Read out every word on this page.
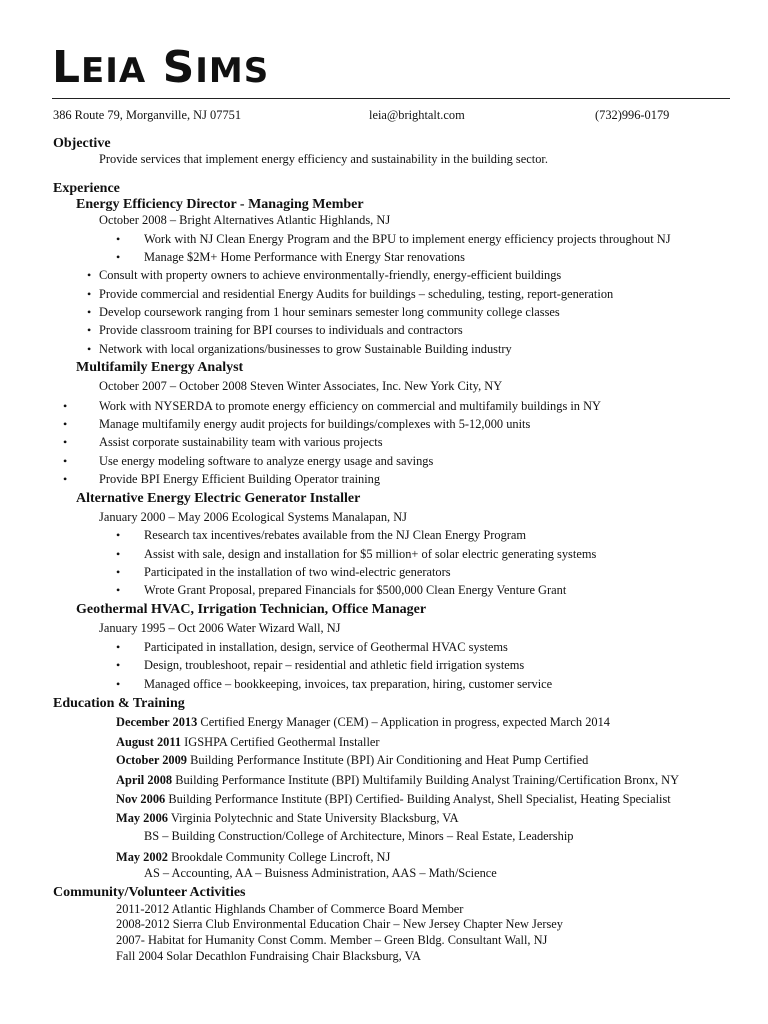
LEIA SIMS
386 Route 79, Morganville, NJ 07751	leia@brightalt.com	(732)996-0179
Objective
Provide services that implement energy efficiency and sustainability in the building sector.
Experience
Energy Efficiency Director - Managing Member
October 2008 – Bright Alternatives Atlantic Highlands, NJ
• Work with NJ Clean Energy Program and the BPU to implement energy efficiency projects throughout NJ
• Manage $2M+ Home Performance with Energy Star renovations
• Consult with property owners to achieve environmentally-friendly, energy-efficient buildings
• Provide commercial and residential Energy Audits for buildings – scheduling, testing, report-generation
• Develop coursework ranging from 1 hour seminars semester long community college classes
• Provide classroom training for BPI courses to individuals and contractors
• Network with local organizations/businesses to grow Sustainable Building industry
Multifamily Energy Analyst
October 2007 – October 2008 Steven Winter Associates, Inc. New York City, NY
•	Work with NYSERDA to promote energy efficiency on commercial and multifamily buildings in NY
•	Manage multifamily energy audit projects for buildings/complexes with 5-12,000 units
•	Assist corporate sustainability team with various projects
•	Use energy modeling software to analyze energy usage and savings
•	Provide BPI Energy Efficient Building Operator training
Alternative Energy Electric Generator Installer
January 2000 – May 2006 Ecological Systems Manalapan, NJ
• Research tax incentives/rebates available from the NJ Clean Energy Program
• Assist with sale, design and installation for $5 million+ of solar electric generating systems
• Participated in the installation of two wind-electric generators
• Wrote Grant Proposal, prepared Financials for $500,000 Clean Energy Venture Grant
Geothermal HVAC, Irrigation Technician, Office Manager
January 1995 – Oct 2006 Water Wizard Wall, NJ
• Participated in installation, design, service of Geothermal HVAC systems
• Design, troubleshoot, repair – residential and athletic field irrigation systems
• Managed office – bookkeeping, invoices, tax preparation, hiring, customer service
Education & Training
December 2013 Certified Energy Manager (CEM) – Application in progress, expected March 2014
August 2011 IGSHPA Certified Geothermal Installer
October 2009 Building Performance Institute (BPI) Air Conditioning and Heat Pump Certified
April 2008 Building Performance Institute (BPI) Multifamily Building Analyst Training/Certification Bronx, NY
Nov 2006 Building Performance Institute (BPI) Certified- Building Analyst, Shell Specialist, Heating Specialist
May 2006 Virginia Polytechnic and State University Blacksburg, VA
BS – Building Construction/College of Architecture, Minors – Real Estate, Leadership
May 2002 Brookdale Community College Lincroft, NJ
AS – Accounting, AA – Buisness Administration, AAS – Math/Science
Community/Volunteer Activities
2011-2012 Atlantic Highlands Chamber of Commerce Board Member
2008-2012 Sierra Club Environmental Education Chair – New Jersey Chapter New Jersey
2007- Habitat for Humanity Const Comm. Member – Green Bldg. Consultant Wall, NJ
Fall 2004 Solar Decathlon Fundraising Chair Blacksburg, VA
